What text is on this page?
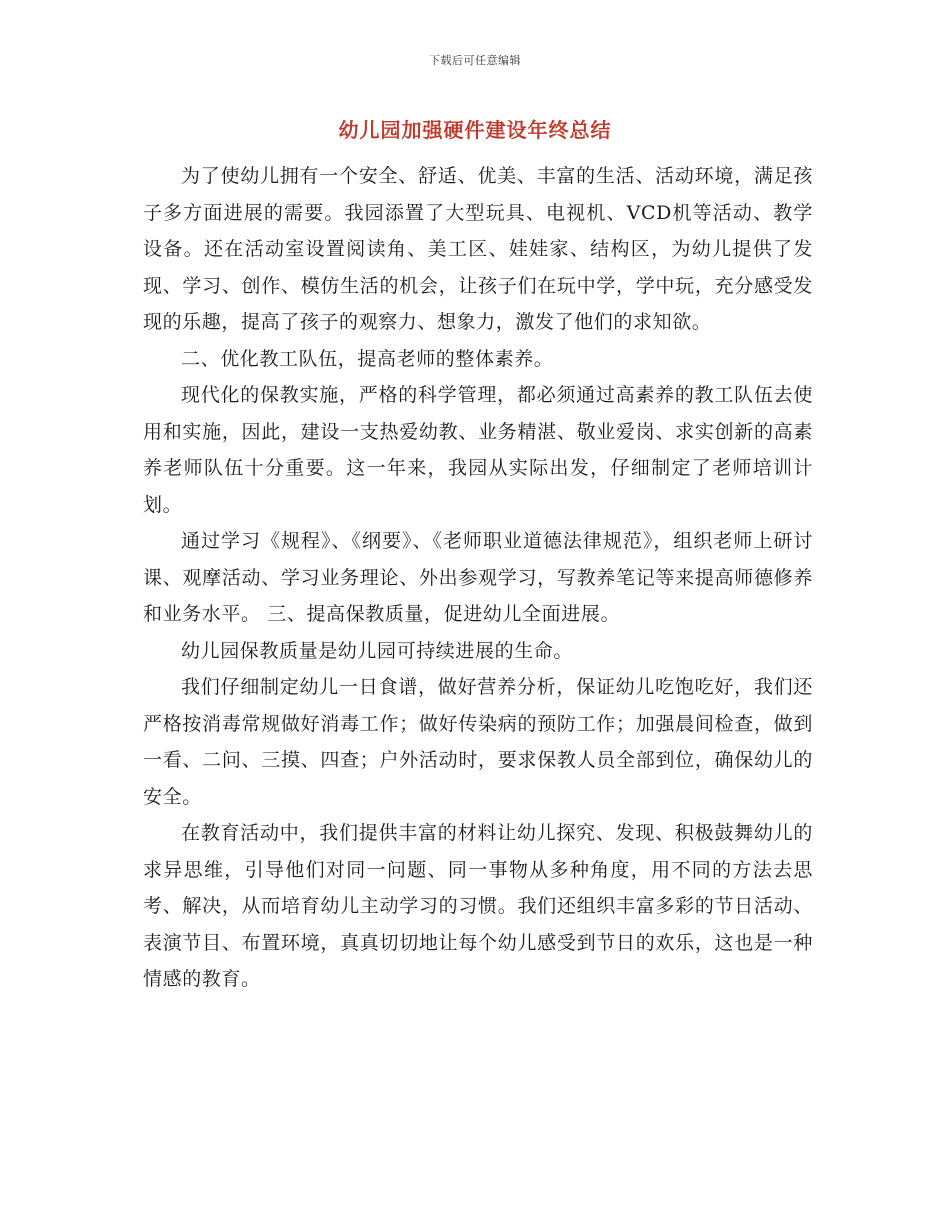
下载后可任意编辑
幼儿园加强硬件建设年终总结

为了使幼儿拥有一个安全、舒适、优美、丰富的生活、活动环境，满足孩子多方面进展的需要。我园添置了大型玩具、电视机、VCD机等活动、教学设备。还在活动室设置阅读角、美工区、娃娃家、结构区，为幼儿提供了发现、学习、创作、模仿生活的机会，让孩子们在玩中学，学中玩，充分感受发现的乐趣，提高了孩子的观察力、想象力，激发了他们的求知欲。

二、优化教工队伍，提高老师的整体素养。

现代化的保教实施，严格的科学管理，都必须通过高素养的教工队伍去使用和实施，因此，建设一支热爱幼教、业务精湛、敬业爱岗、求实创新的高素养老师队伍十分重要。这一年来，我园从实际出发，仔细制定了老师培训计划。

通过学习《规程》、《纲要》、《老师职业道德法律规范》，组织老师上研讨课、观摩活动、学习业务理论、外出参观学习，写教养笔记等来提高师德修养和业务水平。 三、提高保教质量，促进幼儿全面进展。

幼儿园保教质量是幼儿园可持续进展的生命。

我们仔细制定幼儿一日食谱，做好营养分析，保证幼儿吃饱吃好，我们还严格按消毒常规做好消毒工作；做好传染病的预防工作；加强晨间检查，做到一看、二问、三摸、四查；户外活动时，要求保教人员全部到位，确保幼儿的安全。

在教育活动中，我们提供丰富的材料让幼儿探究、发现、积极鼓舞幼儿的求异思维，引导他们对同一问题、同一事物从多种角度，用不同的方法去思考、解决，从而培育幼儿主动学习的习惯。我们还组织丰富多彩的节日活动、表演节目、布置环境，真真切切地让每个幼儿感受到节日的欢乐，这也是一种情感的教育。
